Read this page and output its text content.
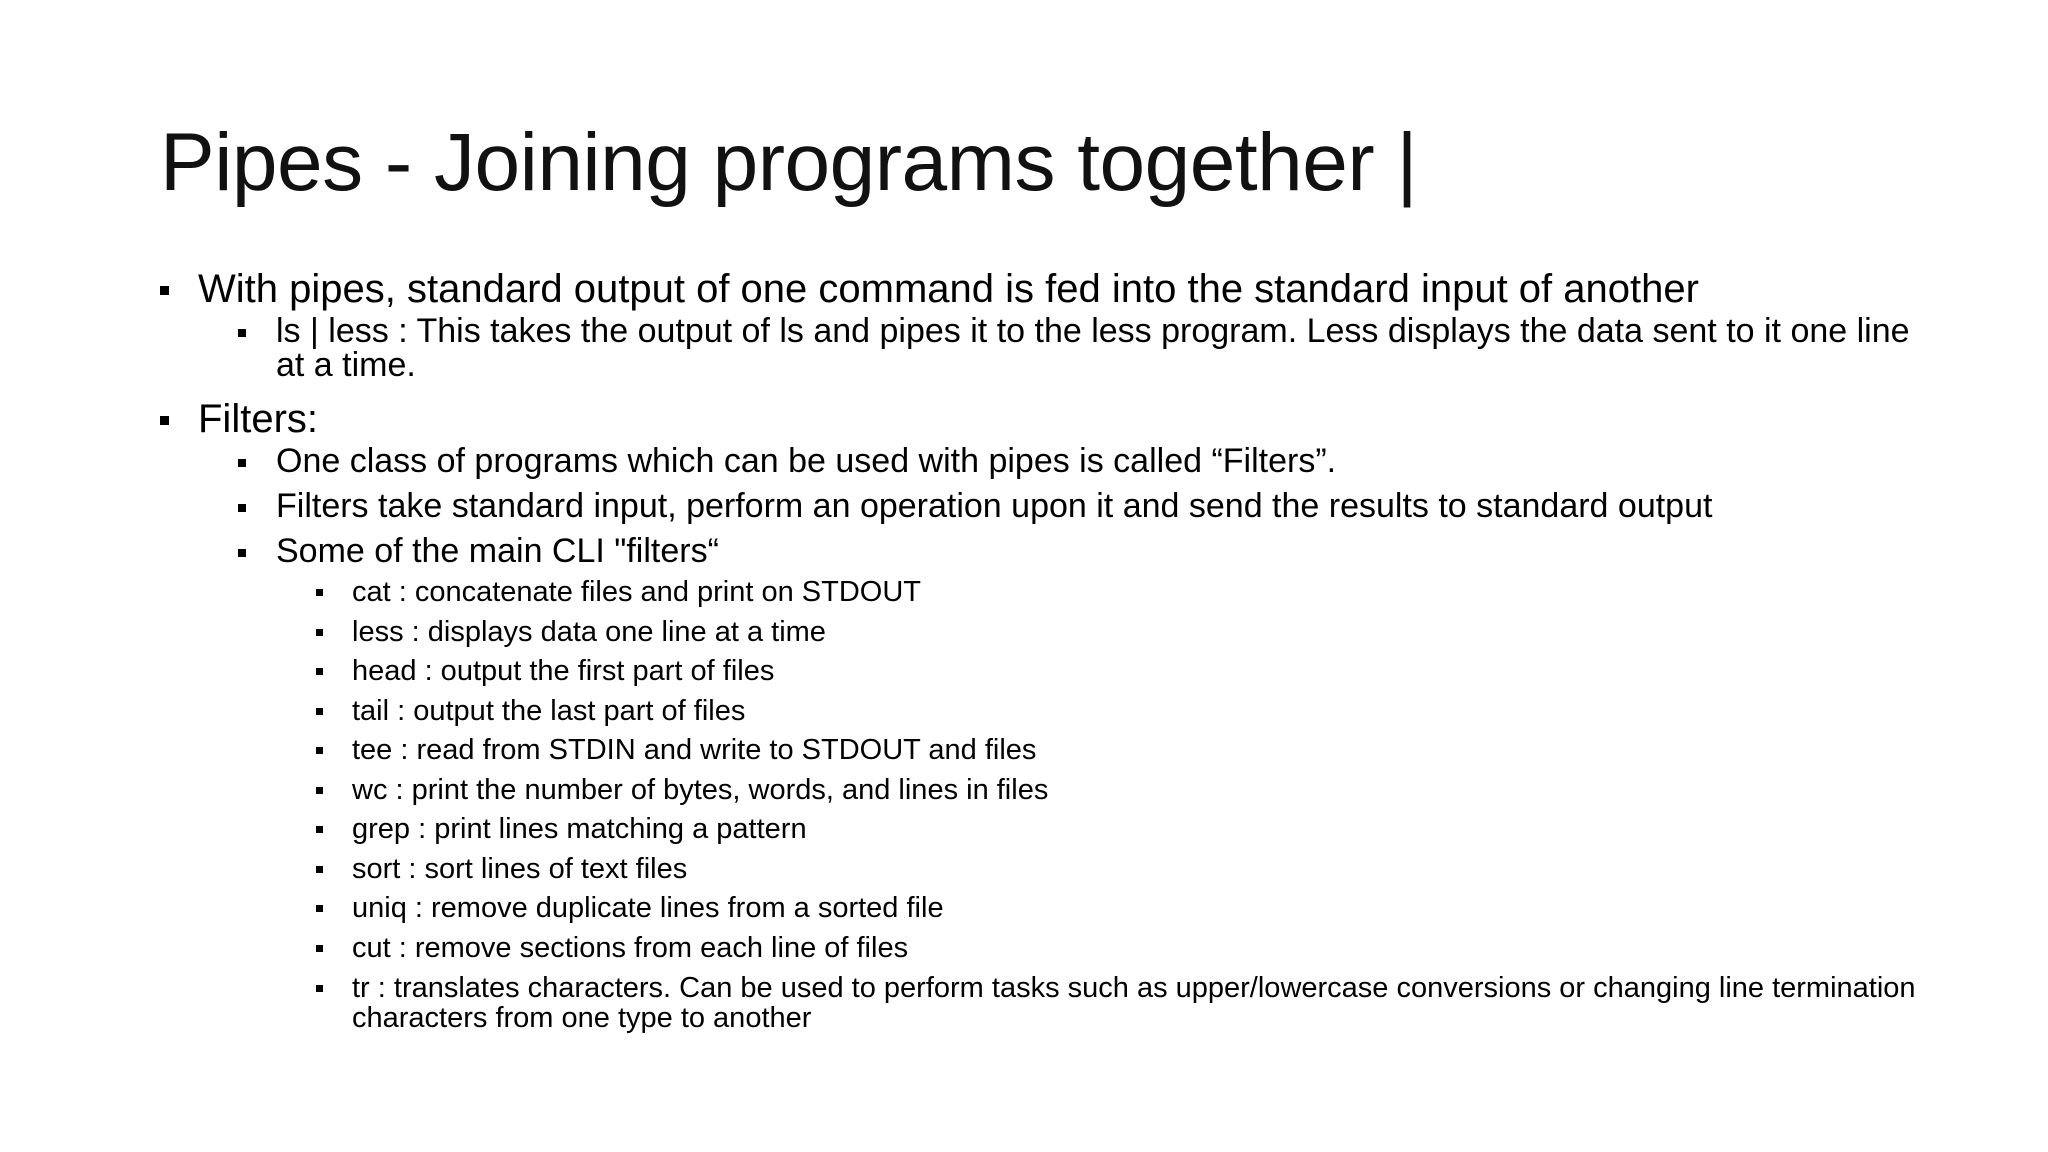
Pipes - Joining programs together |
With pipes, standard output of one command is fed into the standard input of another
ls | less : This takes the output of ls and pipes it to the less program. Less displays the data sent to it one line at a time.
Filters:
One class of programs which can be used with pipes is called “Filters”.
Filters take standard input, perform an operation upon it and send the results to standard output
Some of the main CLI "filters“
cat : concatenate files and print on STDOUT
less : displays data one line at a time
head : output the first part of files
tail : output the last part of files
tee : read from STDIN and write to STDOUT and files
wc : print the number of bytes, words, and lines in files
grep : print lines matching a pattern
sort : sort lines of text files
uniq : remove duplicate lines from a sorted file
cut : remove sections from each line of files
tr : translates characters. Can be used to perform tasks such as upper/lowercase conversions or changing line termination characters from one type to another
